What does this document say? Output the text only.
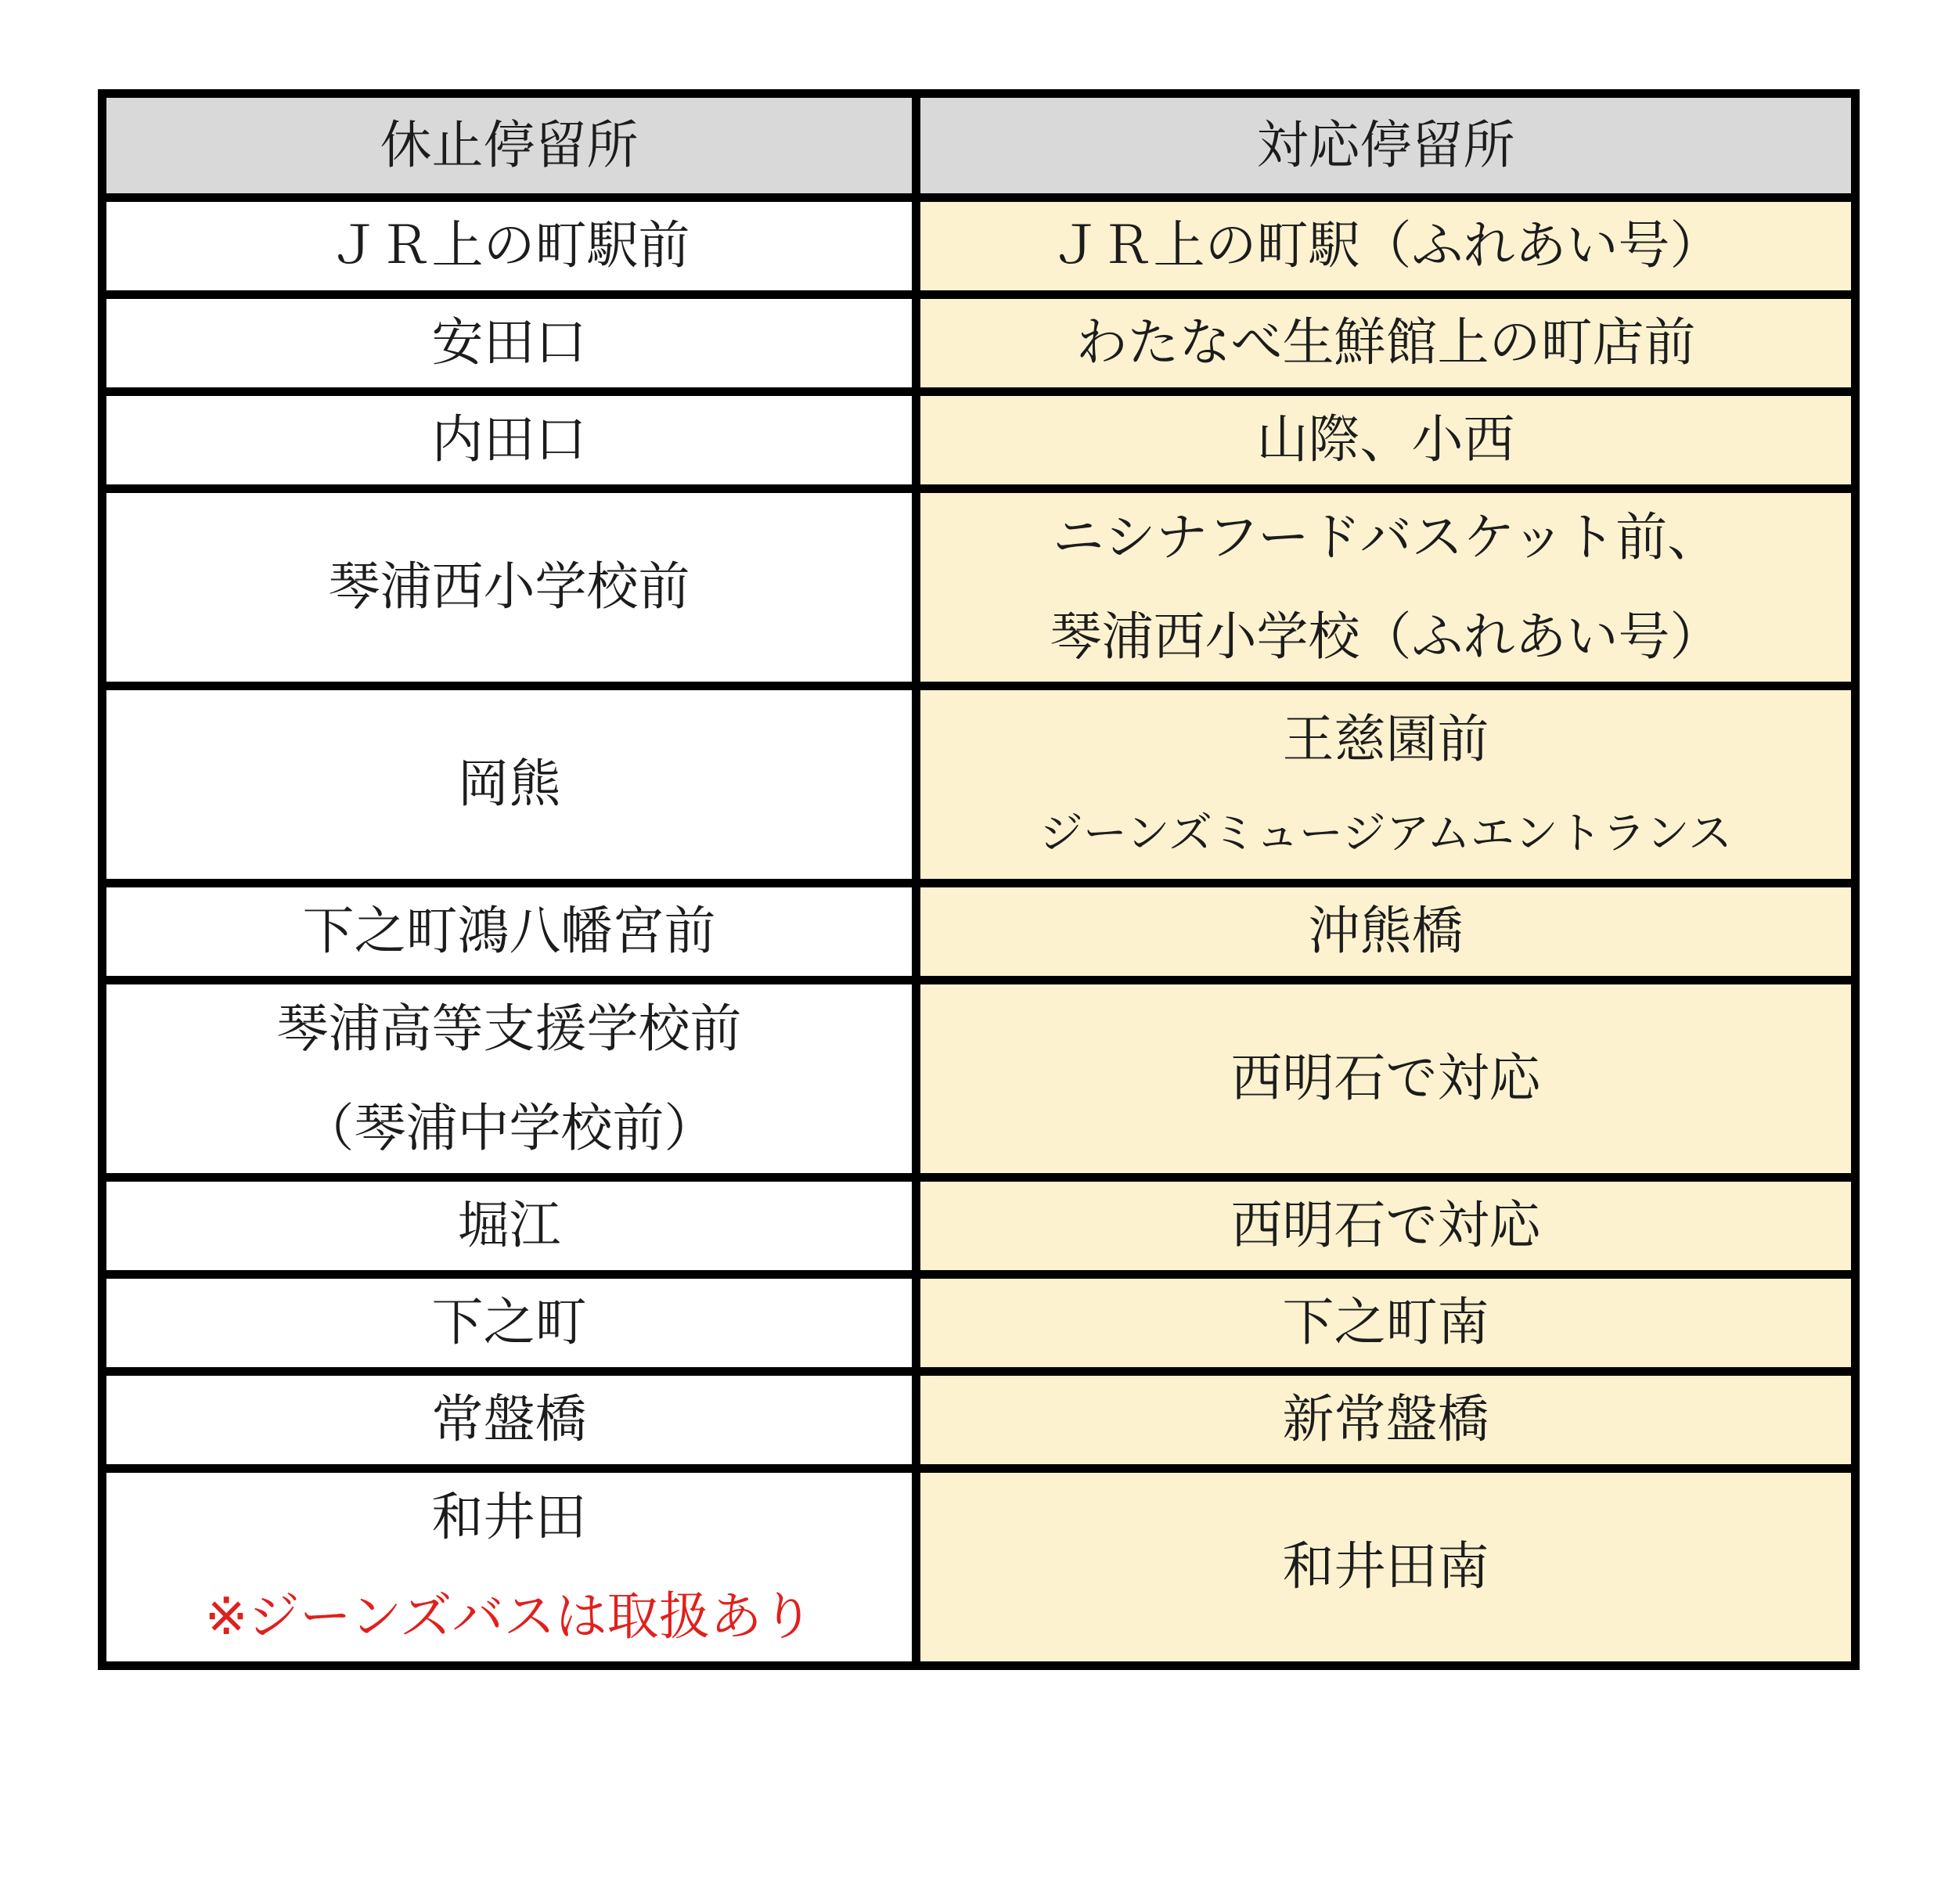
休止停留所	対応停留所

ＪＲ上の町駅前	ＪＲ上の町駅（ふれあい号）

安田口	わたなべ生鮮館上の町店前

内田口	山際、小西

琴浦西小学校前	ニシナフードバスケット前、
琴浦西小学校（ふれあい号）

岡熊	王慈園前
ジーンズミュージアムエントランス

下之町鴻八幡宮前	沖熊橋

琴浦高等支援学校前
（琴浦中学校前）	西明石で対応

堀江	西明石で対応

下之町	下之町南

常盤橋	新常盤橋

和井田
※ジーンズバスは取扱あり	和井田南
